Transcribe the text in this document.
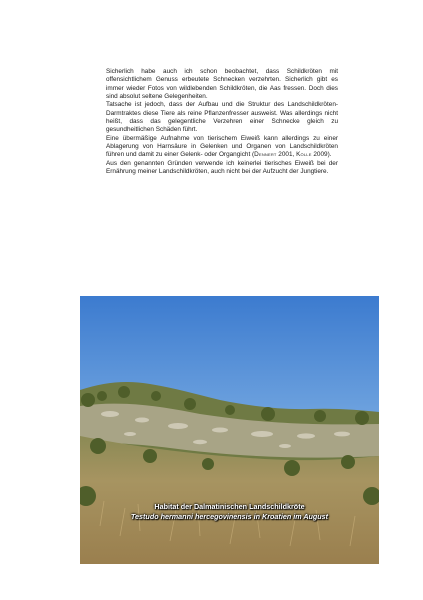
Sicherlich habe auch ich schon beobachtet, dass Schildkröten mit offensichtlichem Genuss erbeutete Schnecken verzehrten. Sicherlich gibt es immer wieder Fotos von wildlebenden Schildkröten, die Aas fressen. Doch dies sind absolut seltene Gelegenheiten.

Tatsache ist jedoch, dass der Aufbau und die Struktur des Landschildkröten-Darmtraktes diese Tiere als reine Pflanzenfresser ausweist. Was allerdings nicht heißt, dass das gelegentliche Verzehren einer Schnecke gleich zu gesundheitlichen Schäden führt.

Eine übermäßige Aufnahme von tierischem Eiweiß kann allerdings zu einer Ablagerung von Harnsäure in Gelenken und Organen von Landschildkröten führen und damit zu einer Gelenk- oder Organgicht (Dennert 2001, Kölle 2009).

Aus den genannten Gründen verwende ich keinerlei tierisches Eiweiß bei der Ernährung meiner Landschildkröten, auch nicht bei der Aufzucht der Jungtiere.

Habitat der Dalmatinischen Landschildkröte
Testudo hermanni hercegovinensis in Kroatien im August
